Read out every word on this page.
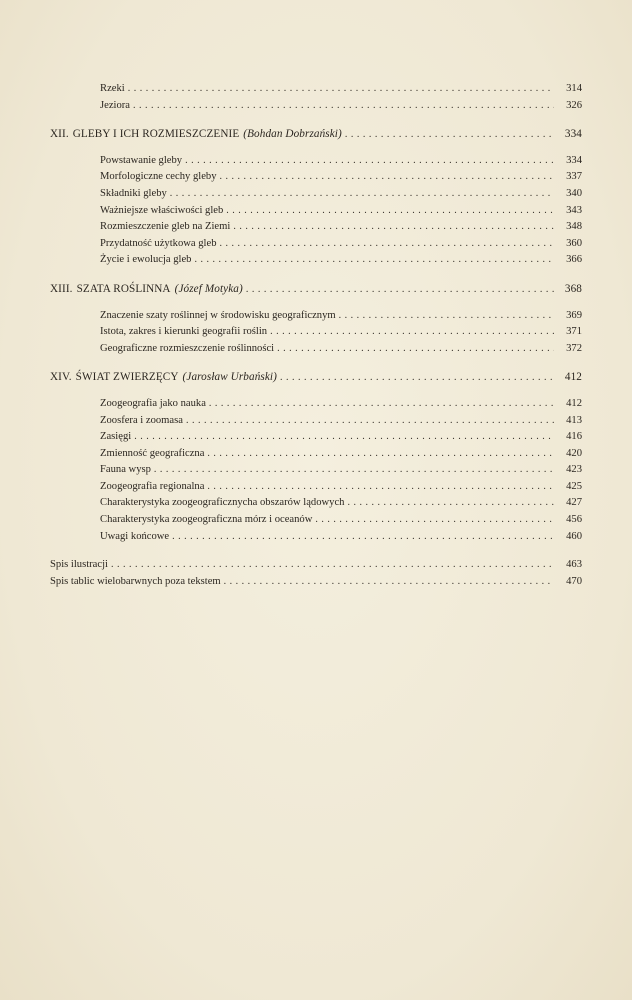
Rzeki . . .	314
Jeziora . . .	326
XII. GLEBY I ICH ROZMIESZCZENIE (Bohdan Dobrzański) . . .	334
Powstawanie gleby . . .	334
Morfologiczne cechy gleby . . .	337
Składniki gleby . . .	340
Ważniejsze właściwości gleb . . .	343
Rozmieszczenie gleb na Ziemi . . .	348
Przydatność użytkowa gleb . . .	360
Życie i ewolucja gleb . . .	366
XIII. SZATA ROŚLINNA (Józef Motyka) . . .	368
Znaczenie szaty roślinnej w środowisku geograficznym . . .	369
Istota, zakres i kierunki geografii roślin . . .	371
Geograficzne rozmieszczenie roślinności . . .	372
XIV. ŚWIAT ZWIERZĘCY (Jarosław Urbański) . . .	412
Zoogeografia jako nauka . . .	412
Zoosfera i zoomasa . . .	413
Zasięgi . . .	416
Zmienność geograficzna . . .	420
Fauna wysp . . .	423
Zoogeografia regionalna . . .	425
Charakterystyka zoogeograficznycha obszarów lądowych . . .	427
Charakterystyka zoogeograficzna mórz i oceanów . . .	456
Uwagi końcowe . . .	460
Spis ilustracji . . .	463
Spis tablic wielobarwnych poza tekstem . . .	470
